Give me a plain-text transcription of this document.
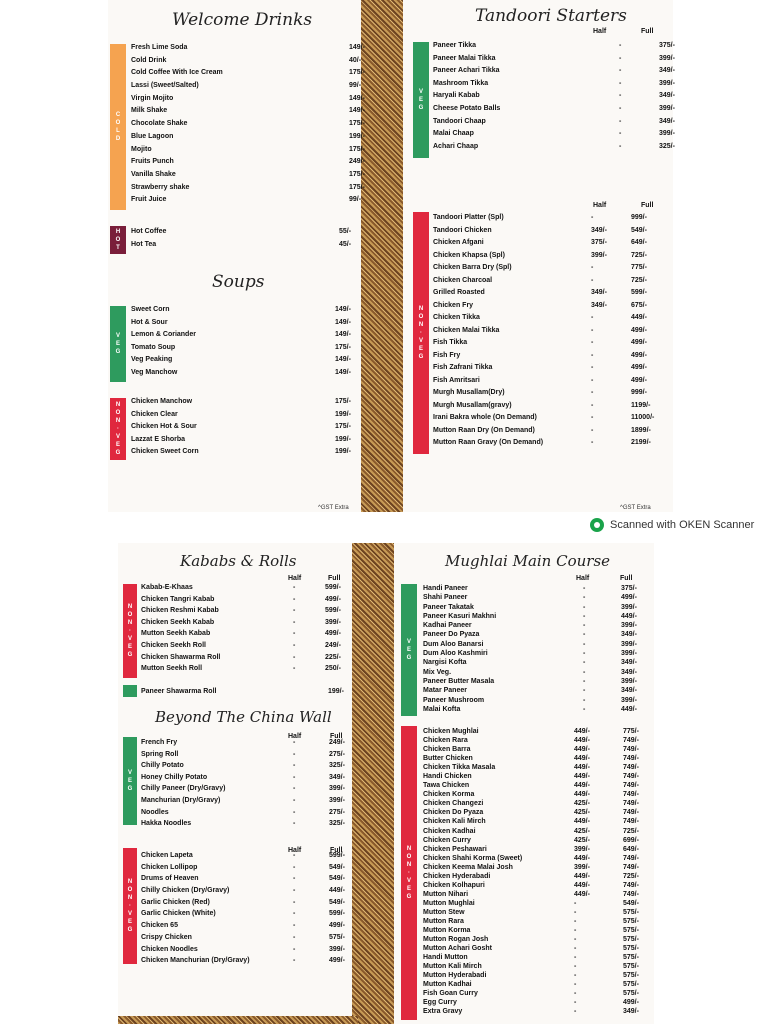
Welcome Drinks
Soups
Tandoori Starters
C
O
L
D
H
O
T
V
E
G
N
O
N
·
V
E
G
Fresh Lime Soda	149/-
Cold Drink	40/-
Cold Coffee With Ice Cream	175/-
Lassi (Sweet/Salted)	99/-
Virgin Mojito	149/-
Milk Shake	149/-
Chocolate Shake	175/-
Blue Lagoon	199/-
Mojito	175/-
Fruits Punch	249/-
Vanilla Shake	175/-
Strawberry shake	175/-
Fruit Juice	99/-
Hot Coffee	55/-
Hot Tea	45/-
Sweet Corn	149/-
Hot & Sour	149/-
Lemon & Coriander	149/-
Tomato Soup	175/-
Veg Peaking	149/-
Veg Manchow	149/-
Chicken Manchow	175/-
Chicken Clear	199/-
Chicken Hot & Sour	175/-
Lazzat E Shorba	199/-
Chicken Sweet Corn	199/-
^GST Extra
Half	Full
V
E
G
Paneer Tikka	-	375/-
Paneer Malai Tikka	-	399/-
Paneer Achari Tikka	-	349/-
Mashroom Tikka	-	399/-
Haryali Kabab	-	349/-
Cheese Potato Balls	-	399/-
Tandoori Chaap	-	349/-
Malai Chaap	-	399/-
Achari Chaap	-	325/-
Half	Full
N
O
N
·
V
E
G
Tandoori Platter (Spl)	-	999/-
Tandoori Chicken	349/-	549/-
Chicken Afgani	375/-	649/-
Chicken Khapsa (Spl)	399/-	725/-
Chicken Barra Dry (Spl)	-	775/-
Chicken Charcoal	-	725/-
Grilled Roasted	349/-	599/-
Chicken Fry	349/-	675/-
Chicken Tikka	-	449/-
Chicken Malai Tikka	-	499/-
Fish Tikka	-	499/-
Fish Fry	-	499/-
Fish Zafrani Tikka	-	499/-
Fish Amritsari	-	499/-
Murgh Musallam(Dry)	-	999/-
Murgh Musallam(gravy)	-	1199/-
Irani Bakra whole (On Demand)	-	11000/-
Mutton Raan Dry (On Demand)	-	1899/-
Mutton Raan Gravy (On Demand)	-	2199/-
^GST Extra
Scanned with OKEN Scanner
Kababs & Rolls
Beyond The China Wall
Mughlai Main Course
Half	Full
N
O
N
·
V
E
G
Kabab-E-Khaas	-	599/-
Chicken Tangri Kabab	-	499/-
Chicken Reshmi Kabab	-	599/-
Chicken Seekh Kabab	-	399/-
Mutton Seekh Kabab	-	499/-
Chicken Seekh Roll	-	249/-
Chicken Shawarma Roll	-	225/-
Mutton Seekh Roll	-	250/-
Paneer Shawarma Roll	199/-
Half	Full
V
E
G
French Fry	-	249/-
Spring Roll	-	275/-
Chilly Potato	-	325/-
Honey Chilly Potato	-	349/-
Chilly Paneer (Dry/Gravy)	-	399/-
Manchurian (Dry/Gravy)	-	399/-
Noodles	-	275/-
Hakka Noodles	-	325/-
Half	Full
N
O
N
·
V
E
G
Chicken Lapeta	-	599/-
Chicken Lollipop	-	549/-
Drums of Heaven	-	549/-
Chilly Chicken (Dry/Gravy)	-	449/-
Garlic Chicken (Red)	-	549/-
Garlic Chicken (White)	-	599/-
Chicken 65	-	499/-
Crispy Chicken	-	575/-
Chicken Noodles	-	399/-
Chicken Manchurian (Dry/Gravy)	-	499/-
Half	Full
V
E
G
Handi Paneer	-	375/-
Shahi Paneer	-	499/-
Paneer Takatak	-	399/-
Paneer Kasuri Makhni	-	449/-
Kadhai Paneer	-	399/-
Paneer Do Pyaza	-	349/-
Dum Aloo Banarsi	-	399/-
Dum Aloo Kashmiri	-	399/-
Nargisi Kofta	-	349/-
Mix Veg.	-	349/-
Paneer Butter Masala	-	399/-
Matar Paneer	-	349/-
Paneer Mushroom	-	399/-
Malai Kofta	-	449/-
N
O
N
·
V
E
G
Chicken Mughlai	449/-	775/-
Chicken Rara	449/-	749/-
Chicken Barra	449/-	749/-
Butter Chicken	449/-	749/-
Chicken Tikka Masala	449/-	749/-
Handi Chicken	449/-	749/-
Tawa Chicken	449/-	749/-
Chicken Korma	449/-	749/-
Chicken Changezi	425/-	749/-
Chicken Do Pyaza	425/-	749/-
Chicken Kali Mirch	449/-	749/-
Chicken Kadhai	425/-	725/-
Chicken Curry	425/-	699/-
Chicken Peshawari	399/-	649/-
Chicken Shahi Korma (Sweet)	449/-	749/-
Chicken Keema Malai Josh	399/-	749/-
Chicken Hyderabadi	449/-	725/-
Chicken Kolhapuri	449/-	749/-
Mutton Nihari	449/-	749/-
Mutton Mughlai	-	549/-
Mutton Stew	-	575/-
Mutton Rara	-	575/-
Mutton Korma	-	575/-
Mutton Rogan Josh	-	575/-
Mutton Achari Gosht	-	575/-
Handi Mutton	-	575/-
Mutton Kali Mirch	-	575/-
Mutton Hyderabadi	-	575/-
Mutton Kadhai	-	575/-
Fish Goan Curry	-	575/-
Egg Curry	-	499/-
Extra Gravy	-	349/-
